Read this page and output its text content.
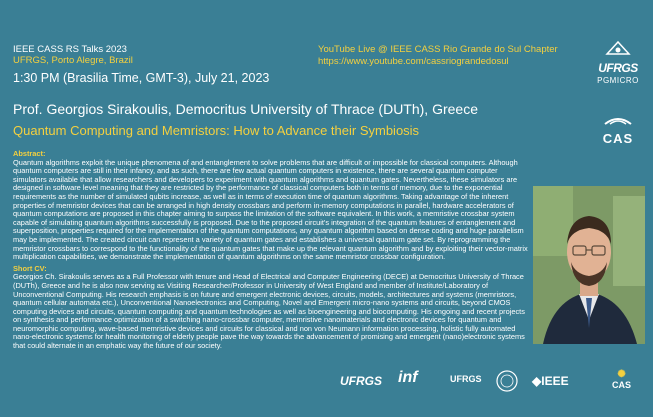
IEEE CASS RS Talks 2023
UFRGS, Porto Alegre, Brazil
1:30 PM (Brasilia Time, GMT-3), July 21, 2023
YouTube Live @ IEEE CASS Rio Grande do Sul Chapter
https://www.youtube.com/cassriograndedosul	UFRGS
PGMICRO
CAS
Prof. Georgios Sirakoulis, Democritus University of Thrace (DUTh), Greece
Quantum Computing and Memristors: How to Advance their Symbiosis
Abstract:

Quantum algorithms exploit the unique phenomena of and entanglement to solve problems that are difficult or impossible for classical computers. Although quantum computers are still in their infancy, and as such, there are few actual quantum computers in existence, there are several quantum computer simulators available that allow researchers and developers to experiment with quantum algorithms and quantum gates. Nevertheless, these simulators are designed in software level meaning that they are restricted by the performance of classical computers both in terms of memory, due to the exponential requirements as the number of simulated qubits increase, as well as in terms of execution time of quantum algorithms. Taking advantage of the inherent properties of memristor devices that can be arranged in high density crossbars and perform in-memory computations in parallel, hardware accelerators of quantum computations are proposed in this chapter aiming to surpass the limitation of the software equivalent. In this work, a memristive crossbar system capable of simulating quantum algorithms successfully is proposed. Due to the proposed circuit's integration of the quantum features of entanglement and superposition, properties required for the implementation of the quantum computations, any quantum algorithm based on dense coding and huge parallelism may be implemented. The created circuit can represent a variety of quantum gates and establishes a universal quantum gate set. By reprogramming the memristor crossbars to correspond to the functionality of the quantum gates that make up the relevant quantum algorithm and by exploiting their vector-matrix multiplication capabilities, we demonstrate the implementation of quantum algorithms on the same memristor crossbar configuration.

Short CV:

Georgios Ch. Sirakoulis serves as a Full Professor with tenure and Head of Electrical and Computer Engineering (DECE) at Democritus University of Thrace (DUTh), Greece and he is also now serving as Visiting Researcher/Professor in University of West England and member of Institute/Laboratory of Unconventional Computing. His research emphasis is on future and emergent electronic devices, circuits, models, architectures and systems (memristors, quantum cellular automata etc.), Unconventional Nanoelectronics and Computing, Novel and Emergent micro-nano systems and circuits, beyond CMOS computing devices and circuits, quantum computing and quantum technologies as well as bioengineering and biocomputing. His ongoing and recent projects on synthesis and performance optimization of a switching nano-crossbar computer, memristive nanomaterials and electronic devices for quantum and neuromorphic computing, wave-based memristive devices and circuits for classical and non von Neumann information processing, holistic fully automated nano-electronic systems for health monitoring of elderly people pave the way towards the advancement of promising and emergent (nano)electronic systems that could alternate in an emphatic way the future of our society.

UFRGS inf	UFRGS	◆IEEE	✺
CAS
